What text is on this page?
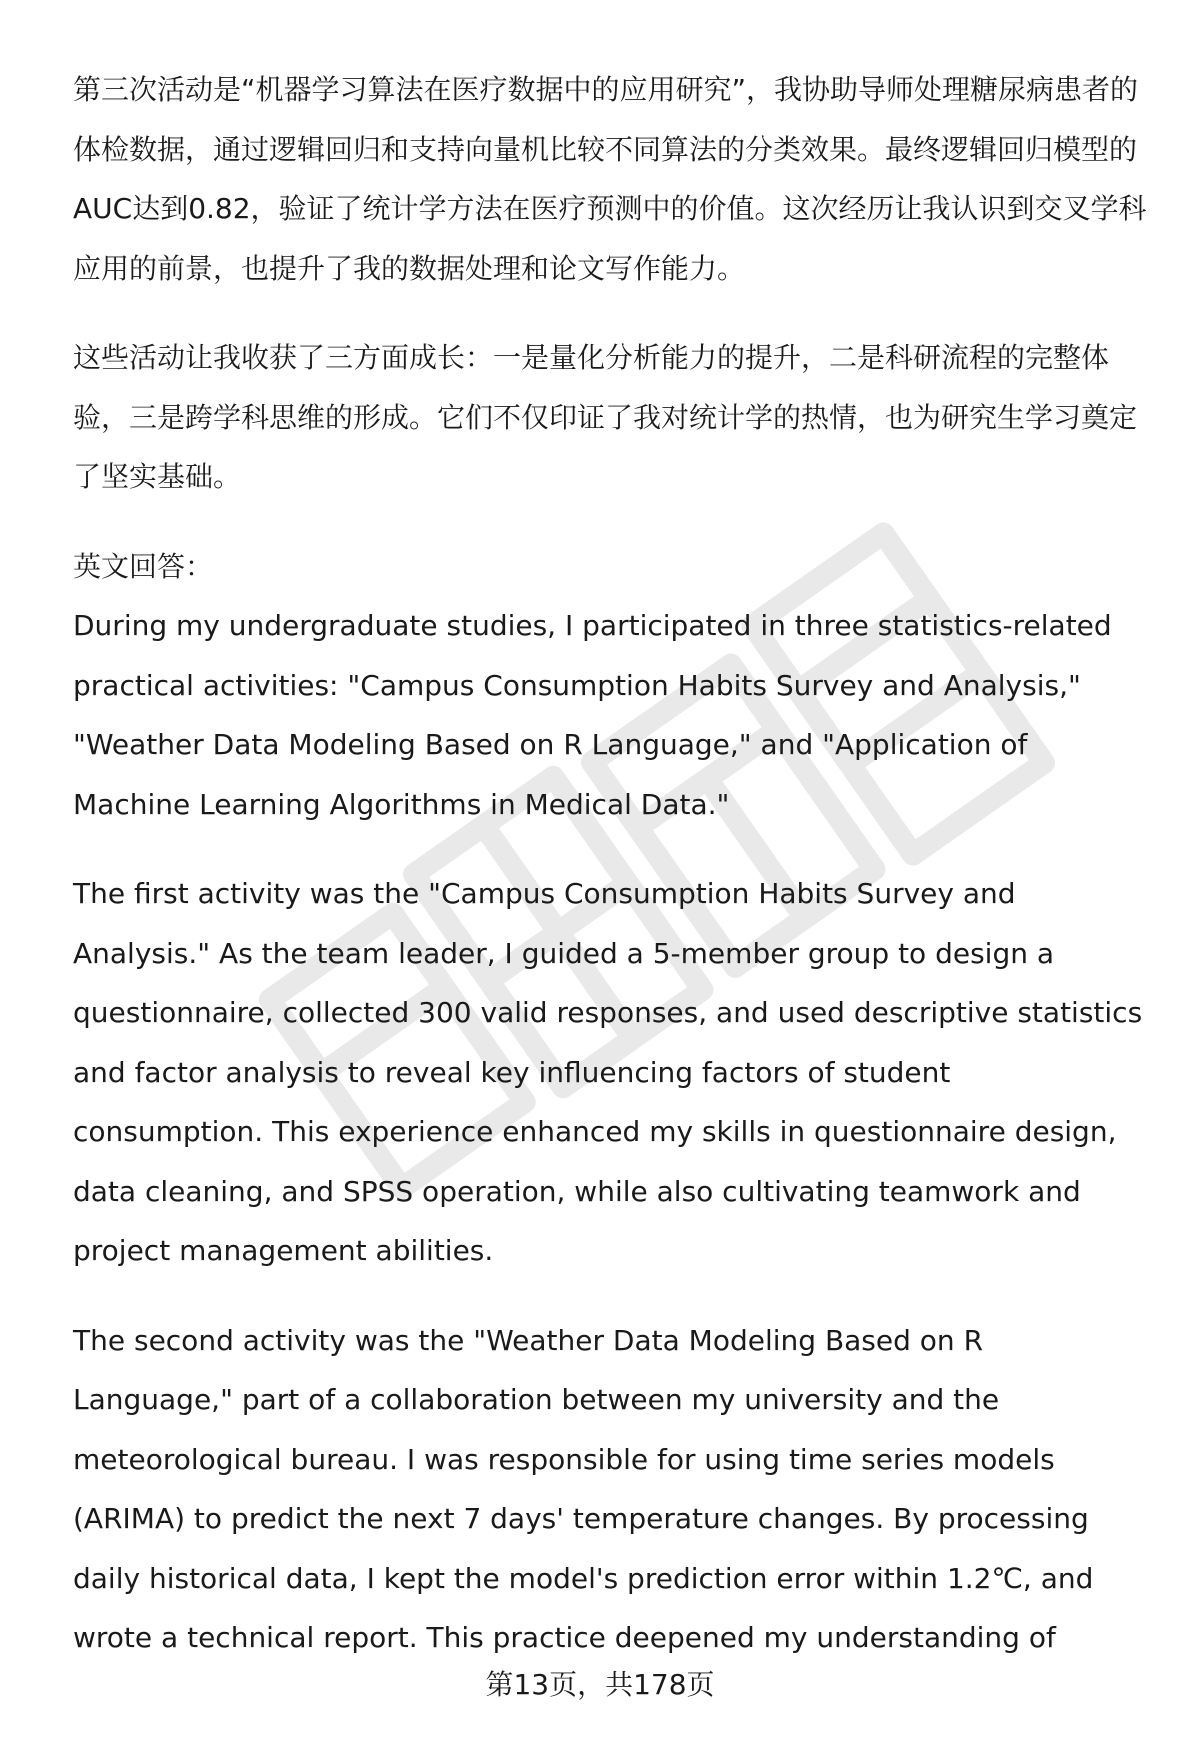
第三次活动是“机器学习算法在医疗数据中的应用研究”，我协助导师处理糖尿病患者的体检数据，通过逻辑回归和支持向量机比较不同算法的分类效果。最终逻辑回归模型的AUC达到0.82，验证了统计学方法在医疗预测中的价值。这次经历让我认识到交叉学科应用的前景，也提升了我的数据处理和论文写作能力。

这些活动让我收获了三方面成长：一是量化分析能力的提升，二是科研流程的完整体验，三是跨学科思维的形成。它们不仅印证了我对统计学的热情，也为研究生学习奠定了坚实基础。

英文回答：

During my undergraduate studies, I participated in three statistics-related practical activities: "Campus Consumption Habits Survey and Analysis," "Weather Data Modeling Based on R Language," and "Application of Machine Learning Algorithms in Medical Data."

The first activity was the "Campus Consumption Habits Survey and Analysis." As the team leader, I guided a 5-member group to design a questionnaire, collected 300 valid responses, and used descriptive statistics and factor analysis to reveal key influencing factors of student consumption. This experience enhanced my skills in questionnaire design, data cleaning, and SPSS operation, while also cultivating teamwork and project management abilities.

The second activity was the "Weather Data Modeling Based on R Language," part of a collaboration between my university and the meteorological bureau. I was responsible for using time series models (ARIMA) to predict the next 7 days' temperature changes. By processing daily historical data, I kept the model's prediction error within 1.2℃, and wrote a technical report. This practice deepened my understanding of

第13页，共178页
